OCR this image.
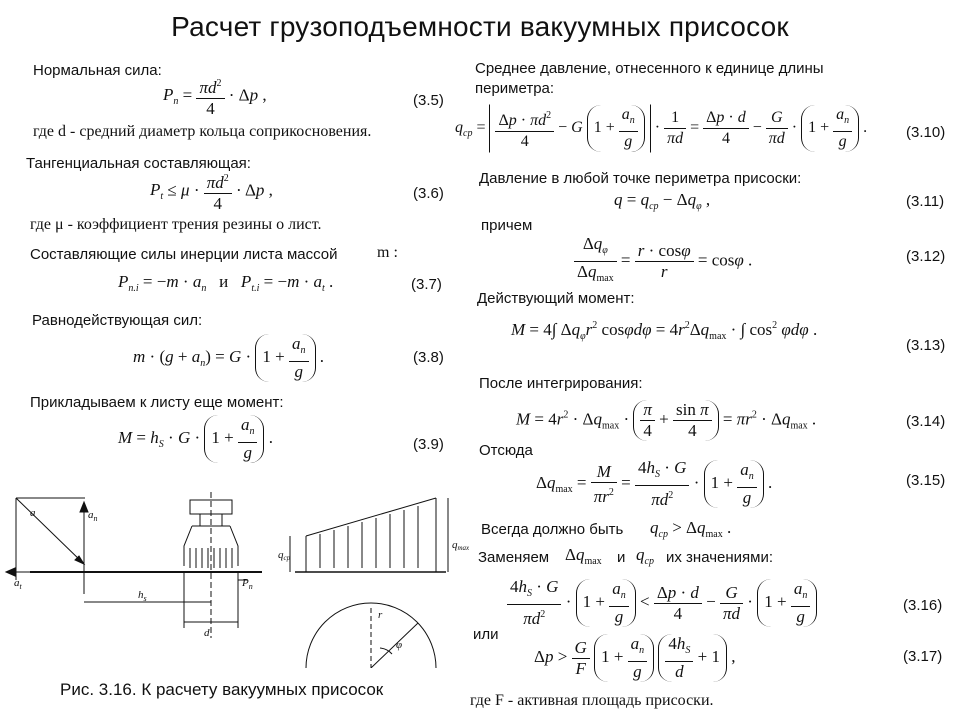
Расчет грузоподъемности вакуумных присосок
Нормальная сила:
$P_n = \frac{\pi d^2}{4} \cdot \Delta p$ ,	(3.5)
где d - средний диаметр кольца соприкосновения.
Тангенциальная составляющая:
$P_t \le \mu \cdot \frac{\pi d^2}{4} \cdot \Delta p$ ,	(3.6)
где μ - коэффициент трения резины о лист.
Составляющие силы инерции листа массой m :
$P_{n.i} = -m \cdot a_n$ и $P_{t.i} = -m \cdot a_t$ .	(3.7)
Равнодействующая сил:
$m \cdot (g + a_n) = G \cdot 1 + \frac{a_n}{g}$ .	(3.8)
Прикладываем к листу еще момент:
$M = h_S \cdot G \cdot 1 + \frac{a_n}{g}$ .	(3.9)
a	$a_n$
$a_t$
$h_s$
$P_n$
d
qcp
qmax
r
φ
Рис. 3.16. К расчету вакуумных присосок
Среднее давление, отнесенного к единице длины
периметра:
$q_{cp} = \frac{\Delta p \cdot \pi d^2}{4} - G$ $1 + \frac{a_n}{g} \cdot \frac{1}{\pi d} = \frac{\Delta p \cdot d}{4} - \frac{G}{\pi d} \cdot 1 + \frac{a_n}{g}$ .	(3.10)
Давление в любой точке периметра присоски:
$q = q_{cp} - \Delta q_\varphi$ ,	(3.11)
причем
$\frac{\Delta q_\varphi}{\Delta q_{max}} = \frac{r \cdot \cos\varphi}{r} = \cos\varphi$ .	(3.12)
Действующий момент:
M = 4∫ $\Delta q_\varphi r^2$ $\cos\varphi d\varphi = 4r^2\Delta q_{max}$ · ∫ $\cos^2 \varphi d\varphi$ .
(3.13)
После интегрирования:
$M = 4r^2 \cdot \Delta q_{max} \cdot \frac{\pi}{4} + \frac{\text{sin π}}{4} = \pi r^2 \cdot \Delta q_{max}$ .	(3.14)
Отсюда
$\Delta q_{max} = \frac{M}{\pi r^2} = \frac{4h_S \cdot G}{\pi d^2} \cdot 1 + \frac{a_n}{g}$ .	(3.15)
Всегда должно быть $q_{cp} > \Delta q_{max}$ .
Заменяем $\Delta q_{max}$ и $q_{cp}$ их значениями:
$\frac{4h_S \cdot G}{\pi d^2} \cdot 1 + \frac{a_n}{g} < \frac{\Delta p \cdot d}{4} - \frac{G}{\pi d} \cdot 1 + \frac{a_n}{g}$	(3.16)
или
$\Delta p > \frac{G}{F} 1 + \frac{a_n}{g}$
$\frac{4h_S}{d} + 1$ ,	(3.17)
где F - активная площадь присоски.
